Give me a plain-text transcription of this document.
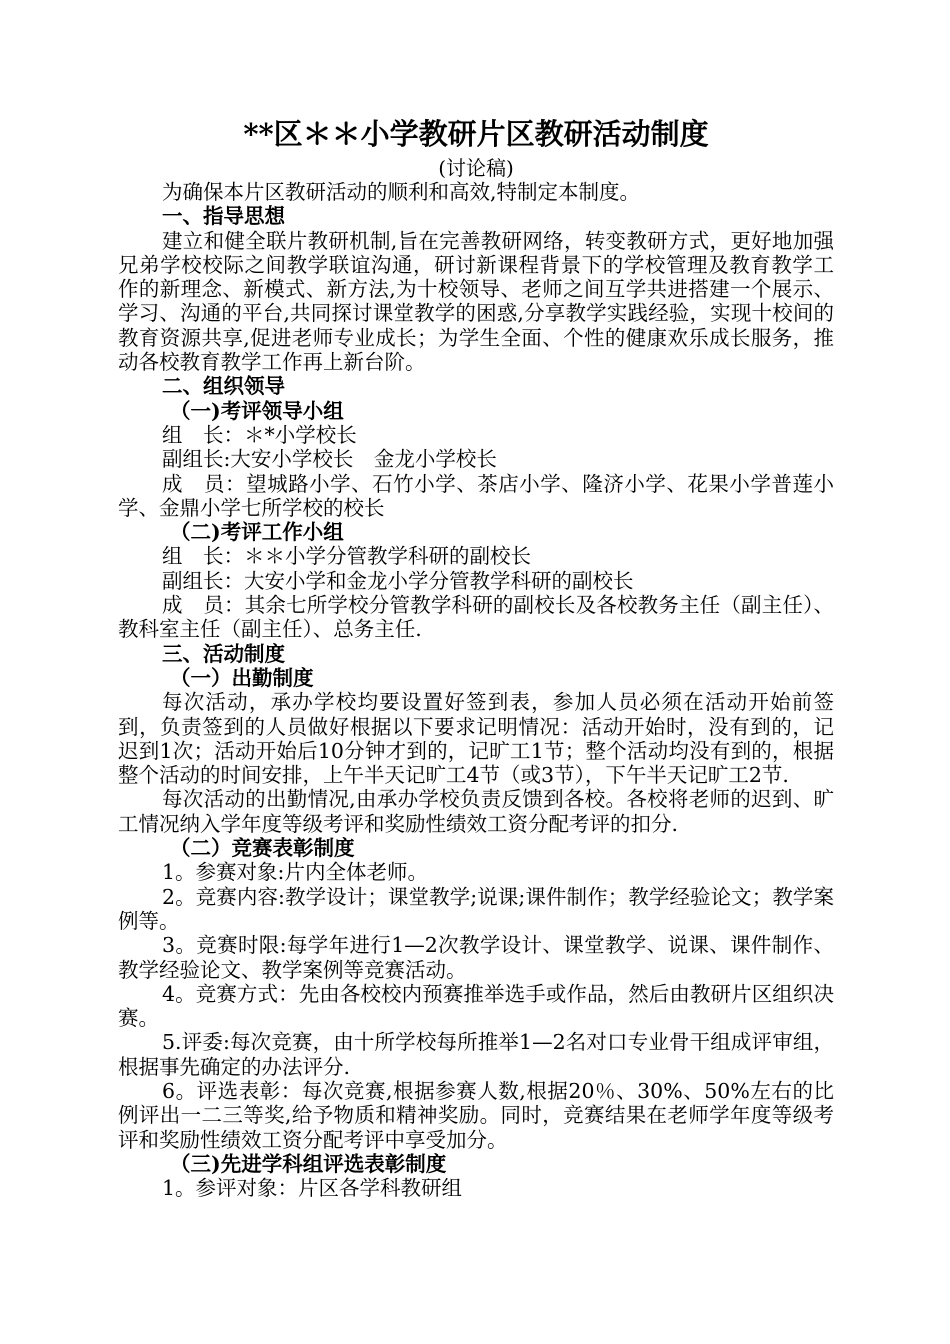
**区＊＊小学教研片区教研活动制度

(讨论稿)

为确保本片区教研活动的顺利和高效,特制定本制度。

一、指导思想

建立和健全联片教研机制,旨在完善教研网络，转变教研方式，更好地加强兄弟学校校际之间教学联谊沟通，研讨新课程背景下的学校管理及教育教学工作的新理念、新模式、新方法,为十校领导、老师之间互学共进搭建一个展示、学习、沟通的平台,共同探讨课堂教学的困惑,分享教学实践经验，实现十校间的教育资源共享,促进老师专业成长；为学生全面、个性的健康欢乐成长服务，推动各校教育教学工作再上新台阶。

二、组织领导

（一)考评领导小组

组　长：＊*小学校长

副组长:大安小学校长　金龙小学校长

成　员：望城路小学、石竹小学、茶店小学、隆济小学、花果小学普莲小学、金鼎小学七所学校的校长

（二)考评工作小组

组　长：＊＊小学分管教学科研的副校长

副组长：大安小学和金龙小学分管教学科研的副校长

成　员：其余七所学校分管教学科研的副校长及各校教务主任（副主任）、教科室主任（副主任）、总务主任.

三、活动制度

（一）出勤制度

每次活动，承办学校均要设置好签到表，参加人员必须在活动开始前签到，负责签到的人员做好根据以下要求记明情况：活动开始时，没有到的，记迟到1次；活动开始后10分钟才到的，记旷工1节；整个活动均没有到的，根据整个活动的时间安排，上午半天记旷工4节（或3节），下午半天记旷工2节.

每次活动的出勤情况,由承办学校负责反馈到各校。各校将老师的迟到、旷工情况纳入学年度等级考评和奖励性绩效工资分配考评的扣分.

（二）竞赛表彰制度

1。参赛对象:片内全体老师。

2。竞赛内容:教学设计；课堂教学;说课;课件制作；教学经验论文；教学案例等。

3。竞赛时限:每学年进行1—2次教学设计、课堂教学、说课、课件制作、教学经验论文、教学案例等竞赛活动。

4。竞赛方式：先由各校校内预赛推举选手或作品，然后由教研片区组织决赛。

5.评委:每次竞赛，由十所学校每所推举1—2名对口专业骨干组成评审组，根据事先确定的办法评分.

6。评选表彰：每次竞赛,根据参赛人数,根据20％、30%、50%左右的比例评出一二三等奖,给予物质和精神奖励。同时，竞赛结果在老师学年度等级考评和奖励性绩效工资分配考评中享受加分。

（三)先进学科组评选表彰制度

1。参评对象：片区各学科教研组
